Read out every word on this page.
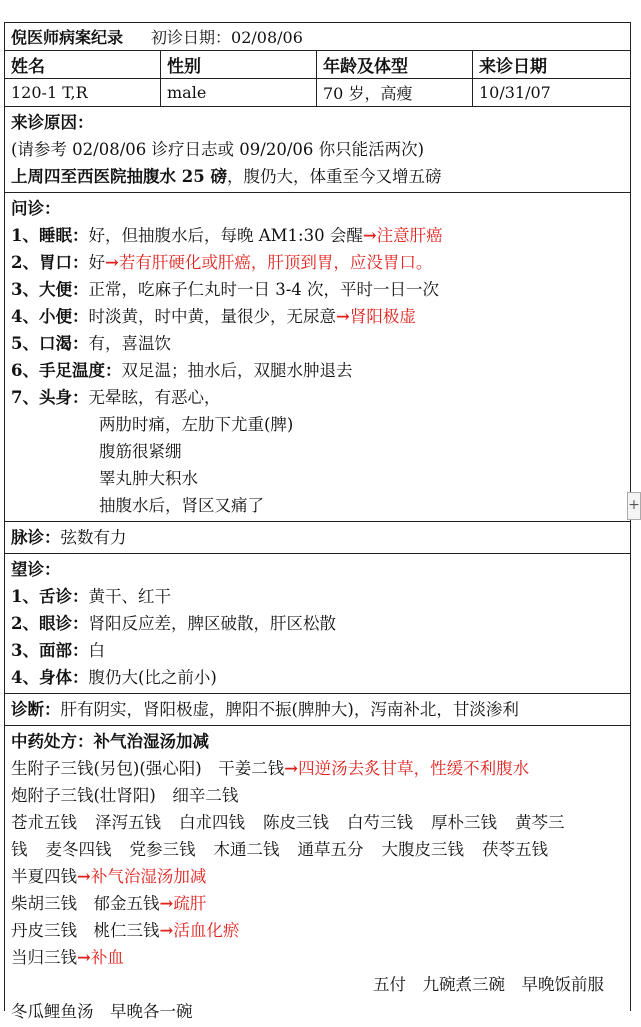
倪医师病案纪录 初诊日期：02/08/06
姓名	性别	年龄及体型	来诊日期
120-1 T,R	male	70 岁，高瘦	10/31/07
来诊原因：
(请参考 02/08/06 诊疗日志或 09/20/06 你只能活两次)
上周四至西医院抽腹水 25 磅，腹仍大，体重至今又增五磅
问诊：
1、睡眠：好，但抽腹水后，每晚 AM1:30 会醒→注意肝癌
2、胃口：好→若有肝硬化或肝癌，肝顶到胃，应没胃口。
3、大便：正常，吃麻子仁丸时一日 3-4 次，平时一日一次
4、小便：时淡黄，时中黄，量很少，无尿意→肾阳极虚
5、口渴：有，喜温饮
6、手足温度：双足温；抽水后，双腿水肿退去
7、头身：无晕眩，有恶心，
两肋时痛，左肋下尤重(脾)
腹筋很紧绷
睪丸肿大积水
抽腹水后，肾区又痛了
脉诊：弦数有力
望诊：
1、舌诊：黄干、红干
2、眼诊：肾阳反应差，脾区破散，肝区松散
3、面部：白
4、身体：腹仍大(比之前小)
诊断：肝有阴实，肾阳极虚，脾阳不振(脾肿大)，泻南补北，甘淡渗利
中药处方：补气治湿汤加减
生附子三钱(另包)(强心阳)　干姜二钱→四逆汤去炙甘草，性缓不利腹水
炮附子三钱(壮肾阳)　细辛二钱
苍朮五钱 泽泻五钱 白朮四钱 陈皮三钱 白芍三钱 厚朴三钱 黄芩三
钱 麦冬四钱 党参三钱 木通二钱 通草五分 大腹皮三钱 茯苓五钱
半夏四钱→补气治湿汤加减
柴胡三钱　郁金五钱→疏肝
丹皮三钱　桃仁三钱→活血化瘀
当归三钱→补血
五付　九碗煮三碗　早晚饭前服
冬瓜鲤鱼汤　早晚各一碗
+
